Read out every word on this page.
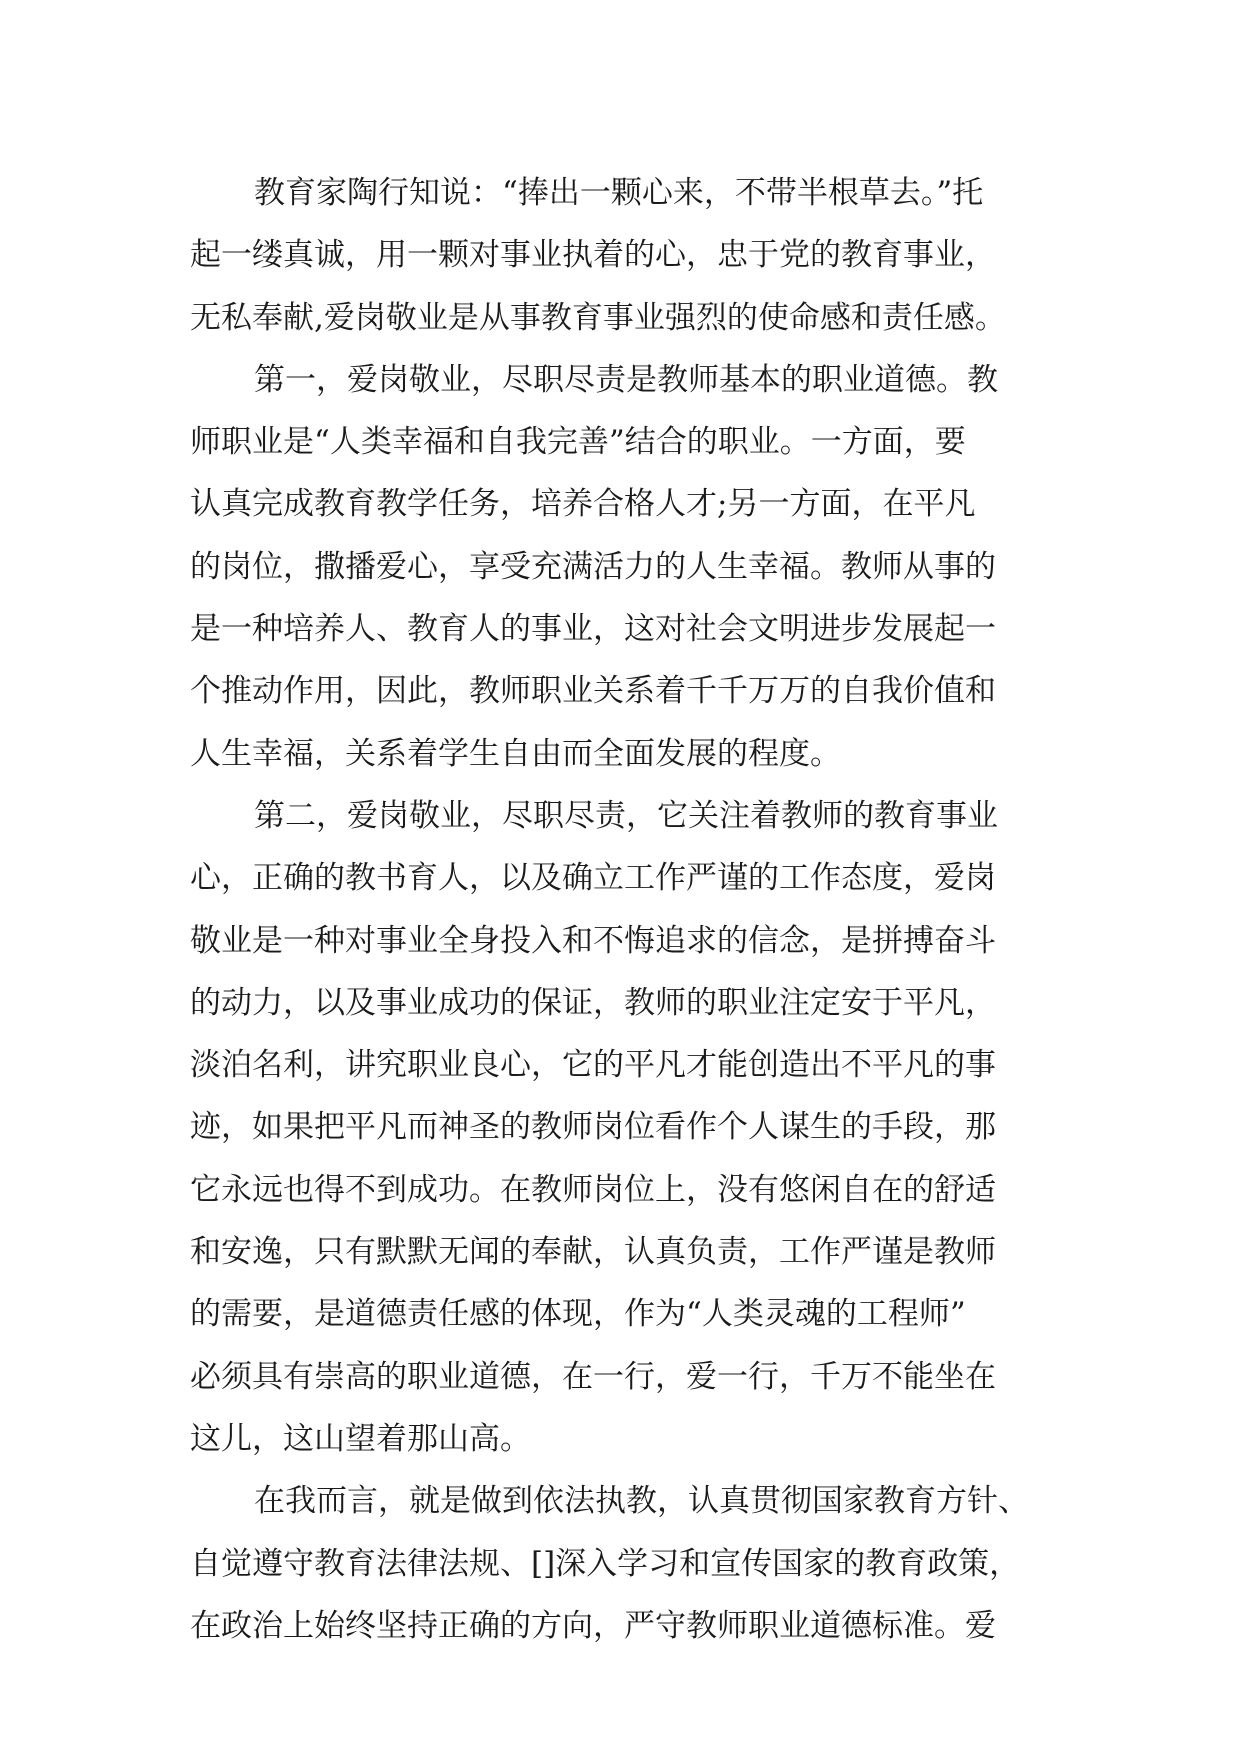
教育家陶行知说：“捧出一颗心来，不带半根草去。”托
起一缕真诚，用一颗对事业执着的心，忠于党的教育事业，
无私奉献,爱岗敬业是从事教育事业强烈的使命感和责任感。
第一，爱岗敬业，尽职尽责是教师基本的职业道德。教
师职业是“人类幸福和自我完善”结合的职业。一方面，要
认真完成教育教学任务，培养合格人才;另一方面，在平凡
的岗位，撒播爱心，享受充满活力的人生幸福。教师从事的
是一种培养人、教育人的事业，这对社会文明进步发展起一
个推动作用，因此，教师职业关系着千千万万的自我价值和
人生幸福，关系着学生自由而全面发展的程度。
第二，爱岗敬业，尽职尽责，它关注着教师的教育事业
心，正确的教书育人，以及确立工作严谨的工作态度，爱岗
敬业是一种对事业全身投入和不悔追求的信念，是拼搏奋斗
的动力，以及事业成功的保证，教师的职业注定安于平凡，
淡泊名利，讲究职业良心，它的平凡才能创造出不平凡的事
迹，如果把平凡而神圣的教师岗位看作个人谋生的手段，那
它永远也得不到成功。在教师岗位上，没有悠闲自在的舒适
和安逸，只有默默无闻的奉献，认真负责，工作严谨是教师
的需要，是道德责任感的体现，作为“人类灵魂的工程师”
必须具有崇高的职业道德，在一行，爱一行，千万不能坐在
这儿，这山望着那山高。
在我而言，就是做到依法执教，认真贯彻国家教育方针、
自觉遵守教育法律法规、[]深入学习和宣传国家的教育政策，
在政治上始终坚持正确的方向，严守教师职业道德标准。爱
